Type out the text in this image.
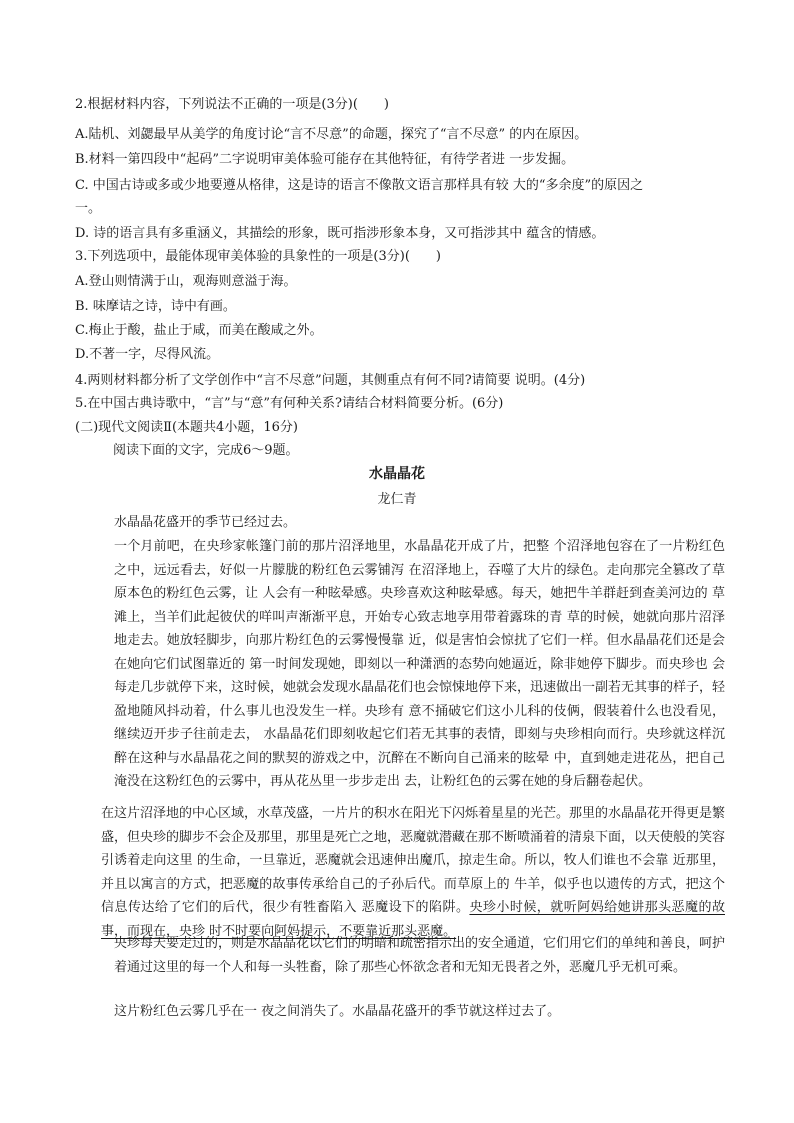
2.根据材料内容，下列说法不正确的一项是(3分)(　　)
A.陆机、刘勰最早从美学的角度讨论“言不尽意”的命题，探究了“言不尽意” 的内在原因。
B.材料一第四段中“起码”二字说明审美体验可能存在其他特征，有待学者进 一步发掘。
C. 中国古诗或多或少地要遵从格律，这是诗的语言不像散文语言那样具有较 大的“多余度”的原因之
一。
D. 诗的语言具有多重涵义，其描绘的形象，既可指涉形象本身，又可指涉其中 蕴含的情感。
3.下列选项中，最能体现审美体验的具象性的一项是(3分)(　　)
A.登山则情满于山，观海则意溢于海。
B. 味摩诘之诗，诗中有画。
C.梅止于酸，盐止于咸，而美在酸咸之外。
D.不著一字，尽得风流。
4.两则材料都分析了文学创作中“言不尽意”问题，其侧重点有何不同?请简要 说明。(4分)
5.在中国古典诗歌中，“言”与“意”有何种关系?请结合材料简要分析。(6分)
(二)现代文阅读Ⅱ(本题共4小题，16分)
阅读下面的文字，完成6～9题。
水晶晶花
龙仁青
水晶晶花盛开的季节已经过去。
一个月前吧，在央珍家帐篷门前的那片沼泽地里，水晶晶花开成了片，把整 个沼泽地包容在了一片粉红色之中，远远看去，好似一片朦胧的粉红色云雾铺泻 在沼泽地上，吞噬了大片的绿色。走向那完全篡改了草原本色的粉红色云雾，让 人会有一种眩晕感。央珍喜欢这种眩晕感。每天，她把牛羊群赶到查美河边的 草滩上，当羊们此起彼伏的咩叫声渐渐平息，开始专心致志地享用带着露珠的青 草的时候，她就向那片沼泽地走去。她放轻脚步，向那片粉红色的云雾慢慢靠 近，似是害怕会惊扰了它们一样。但水晶晶花们还是会在她向它们试图靠近的 第一时间发现她，即刻以一种潇洒的态势向她逼近，除非她停下脚步。而央珍也 会每走几步就停下来，这时候，她就会发现水晶晶花们也会惊悚地停下来，迅速做出一副若无其事的样子，轻盈地随风抖动着，什么事儿也没发生一样。央珍有 意不捅破它们这小儿科的伎俩，假装着什么也没看见，继续迈开步子往前走去， 水晶晶花们即刻收起它们若无其事的表情，即刻与央珍相向而行。央珍就这样沉醉在这种与水晶晶花之间的默契的游戏之中，沉醉在不断向自己涌来的眩晕 中，直到她走进花丛，把自己淹没在这粉红色的云雾中，再从花丛里一步步走出 去，让粉红色的云雾在她的身后翻卷起伏。
在这片沼泽地的中心区域，水草茂盛，一片片的积水在阳光下闪烁着星星的光芒。那里的水晶晶花开得更是繁盛，但央珍的脚步不会企及那里，那里是死亡之地，恶魔就潜藏在那不断喷涌着的清泉下面，以天使般的笑容引诱着走向这里 的生命，一旦靠近，恶魔就会迅速伸出魔爪，掠走生命。所以，牧人们谁也不会靠 近那里，并且以寓言的方式，把恶魔的故事传承给自己的子孙后代。而草原上的 牛羊，似乎也以遗传的方式，把这个信息传达给了它们的后代，很少有牲畜陷入 恶魔设下的陷阱。央珍小时候，就听阿妈给她讲那头恶魔的故事，而现在，央珍 时不时要向阿妈提示，不要靠近那头恶魔。
央珍每天要走过的，则是水晶晶花以它们的明暗和疏密指示出的安全通道，它们用它们的单纯和善良，呵护着通过这里的每一个人和每一头牲畜，除了那些心怀欲念者和无知无畏者之外，恶魔几乎无机可乘。
这片粉红色云雾几乎在一 夜之间消失了。水晶晶花盛开的季节就这样过去了。
